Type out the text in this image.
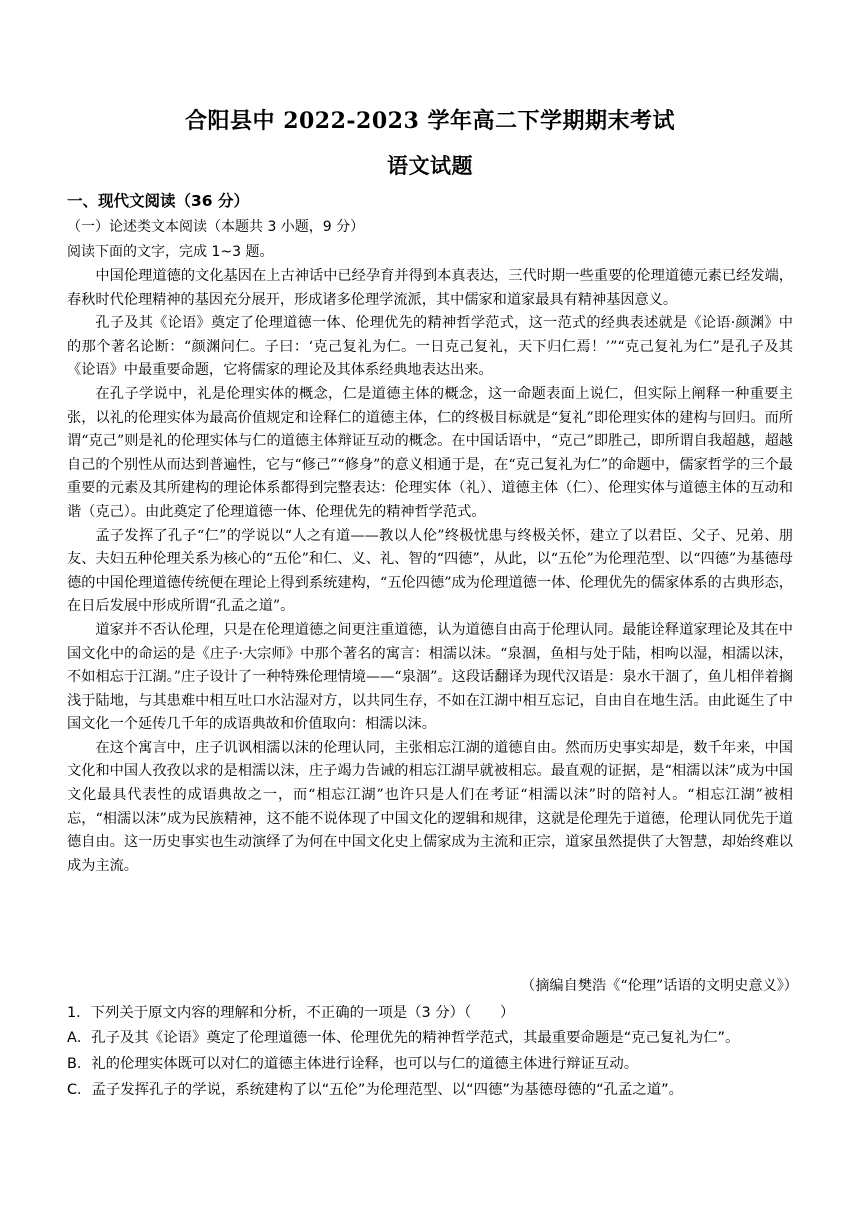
合阳县中 2022-2023 学年高二下学期期末考试
语文试题
一、现代文阅读（36 分）
（一）论述类文本阅读（本题共 3 小题，9 分）
阅读下面的文字，完成 1~3 题。

中国伦理道德的文化基因在上古神话中已经孕育并得到本真表达，三代时期一些重要的伦理道德元素已经发端，春秋时代伦理精神的基因充分展开，形成诸多伦理学流派，其中儒家和道家最具有精神基因意义。

孔子及其《论语》奠定了伦理道德一体、伦理优先的精神哲学范式，这一范式的经典表述就是《论语·颜渊》中的那个著名论断：“颜渊问仁。子曰：‘克己复礼为仁。一日克己复礼，天下归仁焉！’”“克己复礼为仁”是孔子及其《论语》中最重要命题，它将儒家的理论及其体系经典地表达出来。

在孔子学说中，礼是伦理实体的概念，仁是道德主体的概念，这一命题表面上说仁，但实际上阐释一种重要主张，以礼的伦理实体为最高价值规定和诠释仁的道德主体，仁的终极目标就是“复礼”即伦理实体的建构与回归。而所谓“克己”则是礼的伦理实体与仁的道德主体辩证互动的概念。在中国话语中，“克己”即胜己，即所谓自我超越，超越自己的个别性从而达到普遍性，它与“修己”“修身”的意义相通于是，在“克己复礼为仁”的命题中，儒家哲学的三个最重要的元素及其所建构的理论体系都得到完整表达：伦理实体（礼）、道德主体（仁）、伦理实体与道德主体的互动和谐（克己）。由此奠定了伦理道德一体、伦理优先的精神哲学范式。

孟子发挥了孔子“仁”的学说以“人之有道——教以人伦”终极忧患与终极关怀，建立了以君臣、父子、兄弟、朋友、夫妇五种伦理关系为核心的“五伦”和仁、义、礼、智的“四德”，从此，以“五伦”为伦理范型、以“四德”为基德母德的中国伦理道德传统便在理论上得到系统建构，“五伦四德”成为伦理道德一体、伦理优先的儒家体系的古典形态，在日后发展中形成所谓“孔孟之道”。

道家并不否认伦理，只是在伦理道德之间更注重道德，认为道德自由高于伦理认同。最能诠释道家理论及其在中国文化中的命运的是《庄子·大宗师》中那个著名的寓言：相濡以沫。“泉涸，鱼相与处于陆，相呴以湿，相濡以沫，不如相忘于江湖。”庄子设计了一种特殊伦理情境——“泉涸”。这段话翻译为现代汉语是：泉水干涸了，鱼儿相伴着搁浅于陆地，与其患难中相互吐口水沾湿对方，以共同生存，不如在江湖中相互忘记，自由自在地生活。由此诞生了中国文化一个延传几千年的成语典故和价值取向：相濡以沫。

在这个寓言中，庄子讥讽相濡以沫的伦理认同，主张相忘江湖的道德自由。然而历史事实却是，数千年来，中国文化和中国人孜孜以求的是相濡以沫，庄子竭力告诫的相忘江湖早就被相忘。最直观的证据，是“相濡以沫”成为中国文化最具代表性的成语典故之一，而“相忘江湖”也许只是人们在考证“相濡以沫”时的陪衬人。“相忘江湖”被相忘，“相濡以沫”成为民族精神，这不能不说体现了中国文化的逻辑和规律，这就是伦理先于道德，伦理认同优先于道德自由。这一历史事实也生动演绎了为何在中国文化史上儒家成为主流和正宗，道家虽然提供了大智慧，却始终难以成为主流。

（摘编自樊浩《“伦理”话语的文明史意义》）
1．下列关于原文内容的理解和分析，不正确的一项是（3 分）（　　）
A．孔子及其《论语》奠定了伦理道德一体、伦理优先的精神哲学范式，其最重要命题是“克己复礼为仁”。
B．礼的伦理实体既可以对仁的道德主体进行诠释，也可以与仁的道德主体进行辩证互动。
C．孟子发挥孔子的学说，系统建构了以“五伦”为伦理范型、以“四德”为基德母德的“孔孟之道”。
